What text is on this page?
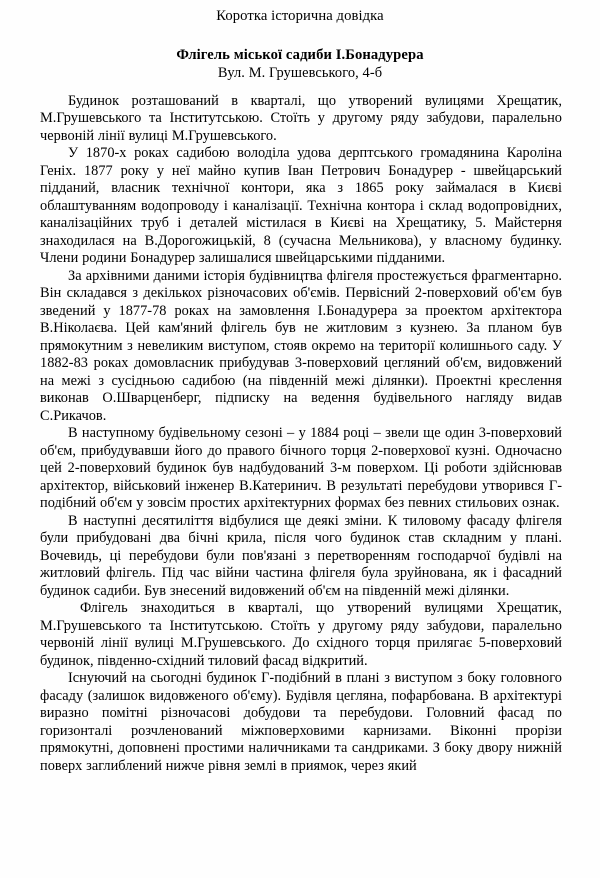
Коротка історична довідка
Флігель міської садиби І.Бонадурера
Вул. М. Грушевського, 4-б

Будинок розташований в кварталі, що утворений вулицями Хрещатик, М.Грушевського та Інститутською. Стоїть у другому ряду забудови, паралельно червоній лінії вулиці М.Грушевського.

У 1870-х роках садибою володіла удова дерптського громадянина Кароліна Геніх. 1877 року у неї майно купив Іван Петрович Бонадурер - швейцарський підданий, власник технічної контори, яка з 1865 року займалася в Києві облаштуванням водопроводу і каналізації. Технічна контора і склад водопровідних, каналізаційних труб і деталей містилася в Києві на Хрещатику, 5. Майстерня знаходилася на В.Дорогожицькій, 8 (сучасна Мельникова), у власному будинку. Члени родини Бонадурер залишалися швейцарськими підданими.

За архівними даними історія будівництва флігеля простежується фрагментарно. Він складався з декількох різночасових об'ємів. Первісний 2-поверховий об'єм був зведений у 1877-78 роках на замовлення І.Бонадурера за проектом архітектора В.Ніколаєва. Цей кам'яний флігель був не житловим з кузнею. За планом був прямокутним з невеликим виступом, стояв окремо на території колишнього саду. У 1882-83 роках домовласник прибудував 3-поверховий цегляний об'єм, видовжений на межі з сусідньою садибою (на південній межі ділянки). Проектні креслення виконав О.Шварценберг, підписку на ведення будівельного нагляду видав С.Рикачов.

В наступному будівельному сезоні – у 1884 році – звели ще один 3-поверховий об'єм, прибудувавши його до правого бічного торця 2-поверхової кузні. Одночасно цей 2-поверховий будинок був надбудований 3-м поверхом. Ці роботи здійснював архітектор, військовий інженер В.Катеринич. В результаті перебудови утворився Г-подібний об'єм у зовсім простих архітектурних формах без певних стильових ознак.

В наступні десятиліття відбулися ще деякі зміни. К тиловому фасаду флігеля були прибудовані два бічні крила, після чого будинок став складним у плані. Вочевидь, ці перебудови були пов'язані з перетворенням господарчої будівлі на житловий флігель. Під час війни частина флігеля була зруйнована, як і фасадний будинок садиби. Був знесений видовжений об'єм на південній межі ділянки.

Флігель знаходиться в кварталі, що утворений вулицями Хрещатик, М.Грушевського та Інститутською. Стоїть у другому ряду забудови, паралельно червоній лінії вулиці М.Грушевського. До східного торця прилягає 5-поверховий будинок, південно-східний тиловий фасад відкритий.

Існуючий на сьогодні будинок Г-подібний в плані з виступом з боку головного фасаду (залишок видовженого об'єму). Будівля цегляна, пофарбована. В архітектурі виразно помітні різночасові добудови та перебудови. Головний фасад по горизонталі розчленований міжповерховими карнизами. Віконні прорізи прямокутні, доповнені простими наличниками та сандриками. З боку двору нижній поверх заглиблений нижче рівня землі в приямок, через який
